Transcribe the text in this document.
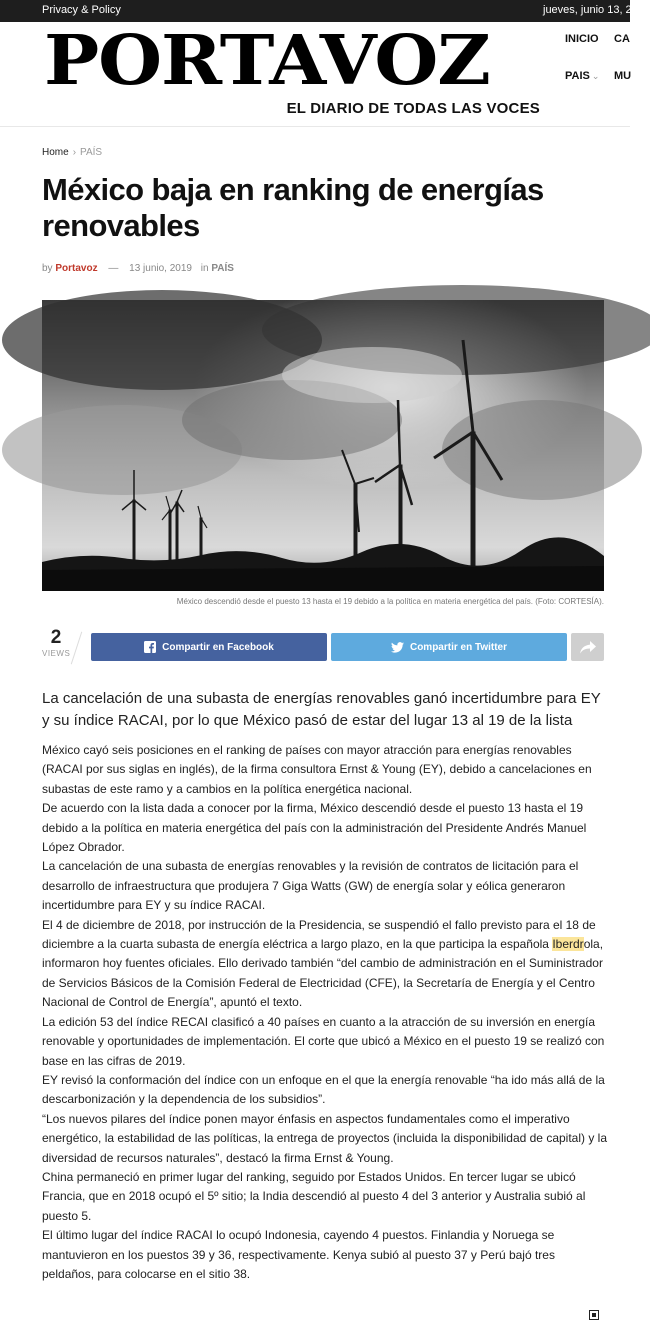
Privacy & Policy	jueves, junio 13, 2019
PORTAVOZ
EL DIARIO DE TODAS LAS VOCES
INICIO CA
PAIS ⌄ MU
Home › PAÍS
México baja en ranking de energías renovables
by Portavoz — 13 junio, 2019 in PAÍS
México descendió desde el puesto 13 hasta el 19 debido a la política en materia energética del país. (Foto: CORTESÍA).
2
VIEWS
Compartir en Facebook	Compartir en Twitter

La cancelación de una subasta de energías renovables ganó incertidumbre para EY y su índice RACAI, por lo que México pasó de estar del lugar 13 al 19 de la lista

México cayó seis posiciones en el ranking de países con mayor atracción para energías renovables (RACAI por sus siglas en inglés), de la firma consultora Ernst & Young (EY), debido a cancelaciones en subastas de este ramo y a cambios en la política energética nacional.

De acuerdo con la lista dada a conocer por la firma, México descendió desde el puesto 13 hasta el 19 debido a la política en materia energética del país con la administración del Presidente Andrés Manuel López Obrador.

La cancelación de una subasta de energías renovables y la revisión de contratos de licitación para el desarrollo de infraestructura que produjera 7 Giga Watts (GW) de energía solar y eólica generaron incertidumbre para EY y su índice RACAI.

El 4 de diciembre de 2018, por instrucción de la Presidencia, se suspendió el fallo previsto para el 18 de diciembre a la cuarta subasta de energía eléctrica a largo plazo, en la que participa la española Iberdrola, informaron hoy fuentes oficiales. Ello derivado también “del cambio de administración en el Suministrador de Servicios Básicos de la Comisión Federal de Electricidad (CFE), la Secretaría de Energía y el Centro Nacional de Control de Energía”, apuntó el texto.

La edición 53 del índice RECAI clasificó a 40 países en cuanto a la atracción de su inversión en energía renovable y oportunidades de implementación. El corte que ubicó a México en el puesto 19 se realizó con base en las cifras de 2019.

EY revisó la conformación del índice con un enfoque en el que la energía renovable “ha ido más allá de la descarbonización y la dependencia de los subsidios”.

“Los nuevos pilares del índice ponen mayor énfasis en aspectos fundamentales como el imperativo energético, la estabilidad de las políticas, la entrega de proyectos (incluida la disponibilidad de capital) y la diversidad de recursos naturales”, destacó la firma Ernst & Young.

China permaneció en primer lugar del ranking, seguido por Estados Unidos. En tercer lugar se ubicó Francia, que en 2018 ocupó el 5º sitio; la India descendió al puesto 4 del 3 anterior y Australia subió al puesto 5.

El último lugar del índice RACAI lo ocupó Indonesia, cayendo 4 puestos. Finlandia y Noruega se mantuvieron en los puestos 39 y 36, respectivamente. Kenya subió al puesto 37 y Perú bajó tres peldaños, para colocarse en el sitio 38.
